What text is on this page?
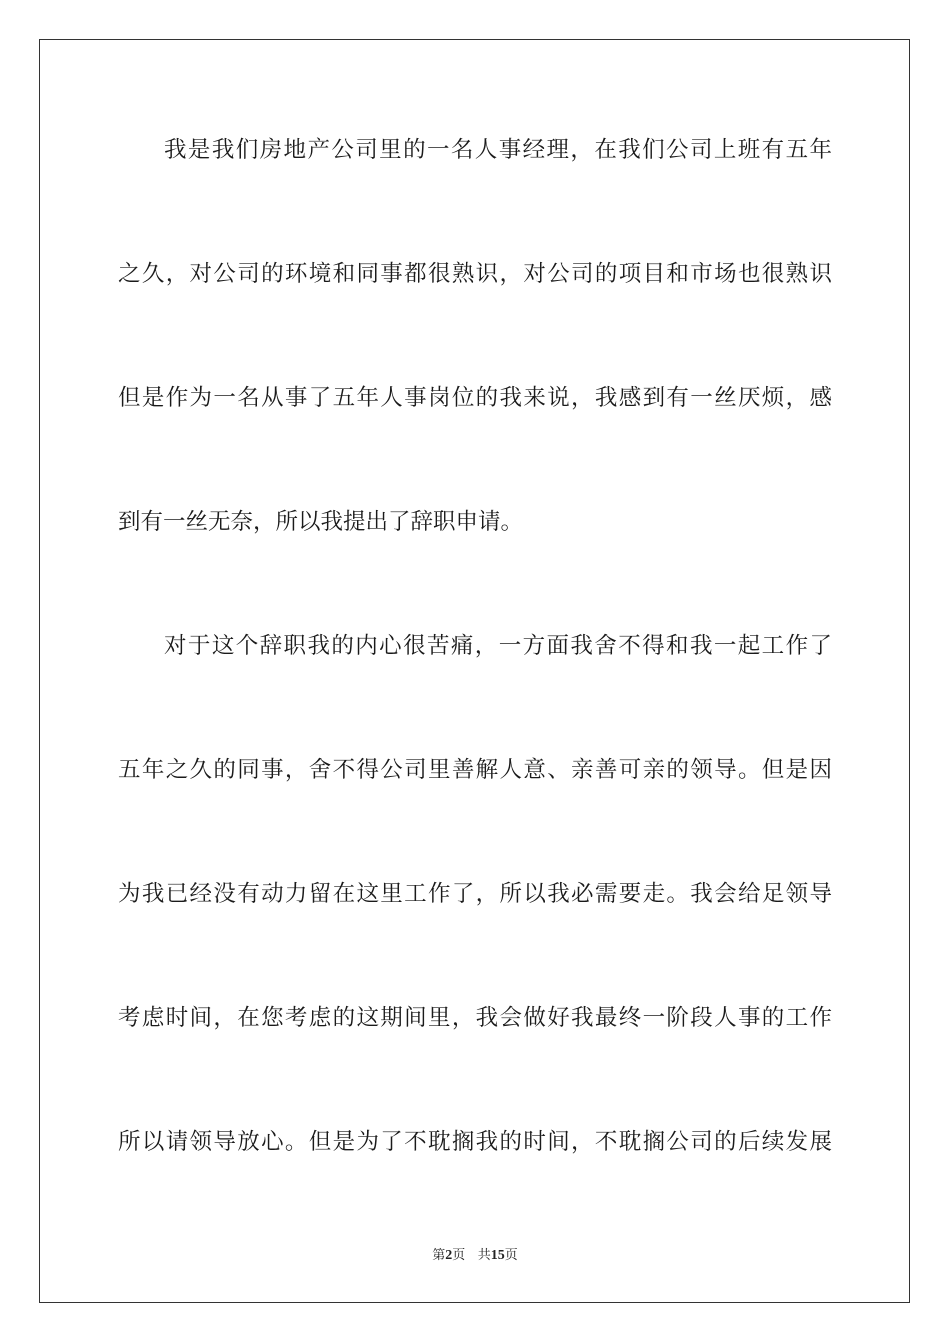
我是我们房地产公司里的一名人事经理，在我们公司上班有五年
之久，对公司的环境和同事都很熟识，对公司的项目和市场也很熟识
但是作为一名从事了五年人事岗位的我来说，我感到有一丝厌烦，感
到有一丝无奈，所以我提出了辞职申请。
对于这个辞职我的内心很苦痛，一方面我舍不得和我一起工作了
五年之久的同事，舍不得公司里善解人意、亲善可亲的领导。但是因
为我已经没有动力留在这里工作了，所以我必需要走。我会给足领导
考虑时间，在您考虑的这期间里，我会做好我最终一阶段人事的工作
所以请领导放心。但是为了不耽搁我的时间，不耽搁公司的后续发展
第2页 共15页
